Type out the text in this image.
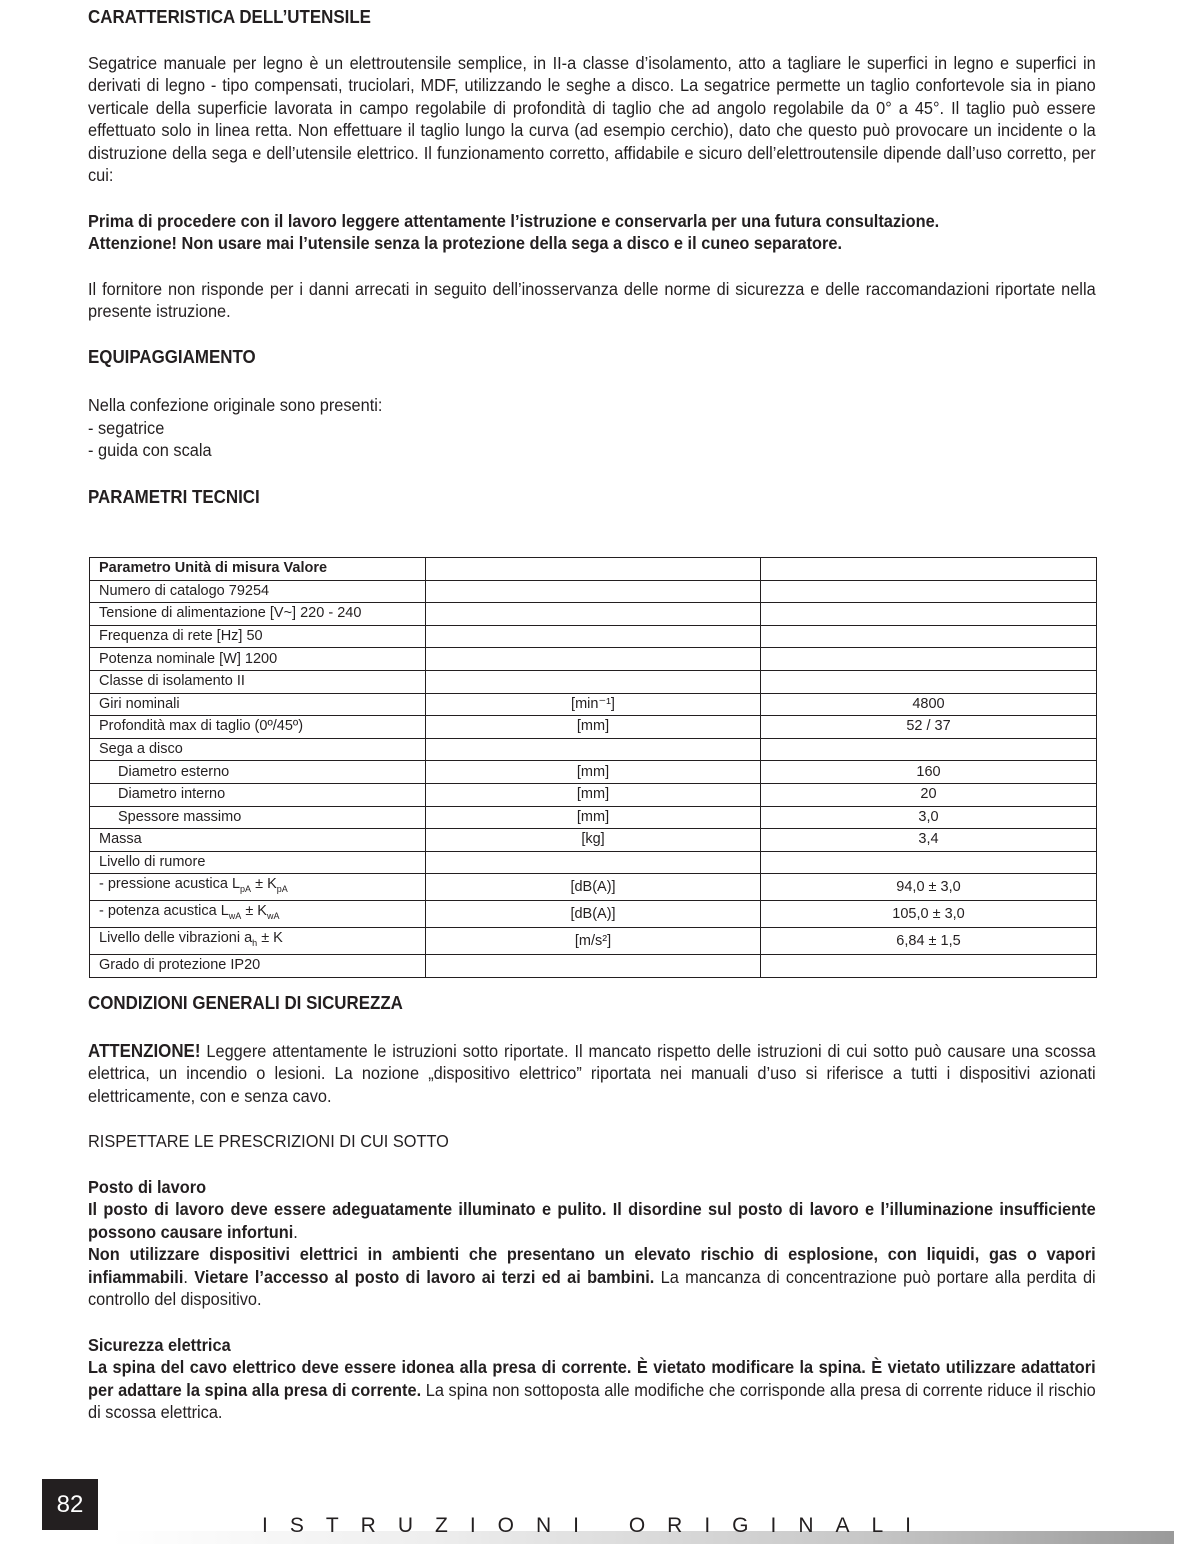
CARATTERISTICA DELL’UTENSILE

Segatrice manuale per legno è un elettroutensile semplice, in II-a classe d’isolamento, atto a tagliare le superfici in legno e superfici in derivati di legno - tipo compensati, truciolari, MDF, utilizzando le seghe a disco. La segatrice permette un taglio confortevole sia in piano verticale della superficie lavorata in campo regolabile di profondità di taglio che ad angolo regolabile da 0° a 45°. Il taglio può essere effettuato solo in linea retta. Non effettuare il taglio lungo la curva (ad esempio cerchio), dato che questo può provocare un incidente o la distruzione della sega e dell’utensile elettrico. Il funzionamento corretto, affidabile e sicuro dell’elettroutensile dipende dall’uso corretto, per cui:

Prima di procedere con il lavoro leggere attentamente l’istruzione e conservarla per una futura consultazione.

Attenzione! Non usare mai l’utensile senza la protezione della sega a disco e il cuneo separatore.

Il fornitore non risponde per i danni arrecati in seguito dell’inosservanza delle norme di sicurezza e delle raccomandazioni riportate nella presente istruzione.

EQUIPAGGIAMENTO

Nella confezione originale sono presenti:

- segatrice

- guida con scala

PARAMETRI TECNICI
Parametro Unità di misura Valore		
Numero di catalogo 79254		
Tensione di alimentazione [V~] 220 - 240		
Frequenza di rete [Hz] 50		
Potenza nominale [W] 1200		
Classe di isolamento II		
Giri nominali	[min⁻¹]	4800
Profondità max di taglio (0º/45º)	[mm]	52 / 37
Sega a disco		
Diametro esterno	[mm]	160
Diametro interno	[mm]	20
Spessore massimo	[mm]	3,0
Massa	[kg]	3,4
Livello di rumore		
- pressione acustica $L_{pA} \pm K_{pA}$	[dB(A)]	94,0 ± 3,0
- potenza acustica $L_{wA} \pm K_{wA}$	[dB(A)]	105,0 ± 3,0
Livello delle vibrazioni $a_h \pm K$	[m/s²]	6,84 ± 1,5
Grado di protezione IP20		
CONDIZIONI GENERALI DI SICUREZZA

ATTENZIONE! Leggere attentamente le istruzioni sotto riportate. Il mancato rispetto delle istruzioni di cui sotto può causare una scossa elettrica, un incendio o lesioni. La nozione „dispositivo elettrico” riportata nei manuali d’uso si riferisce a tutti i dispositivi azionati elettricamente, con e senza cavo.

RISPETTARE LE PRESCRIZIONI DI CUI SOTTO

Posto di lavoro

Il posto di lavoro deve essere adeguatamente illuminato e pulito. Il disordine sul posto di lavoro e l’illuminazione insufficiente possono causare infortuni.

Non utilizzare dispositivi elettrici in ambienti che presentano un elevato rischio di esplosione, con liquidi, gas o vapori infiammabili. Vietare l’accesso al posto di lavoro ai terzi ed ai bambini. La mancanza di concentrazione può portare alla perdita di controllo del dispositivo.

Sicurezza elettrica

La spina del cavo elettrico deve essere idonea alla presa di corrente. È vietato modificare la spina. È vietato utilizzare adattatori per adattare la spina alla presa di corrente. La spina non sottoposta alle modifiche che corrisponde alla presa di corrente riduce il rischio di scossa elettrica.

82
ISTRUZIONI ORIGINALI
